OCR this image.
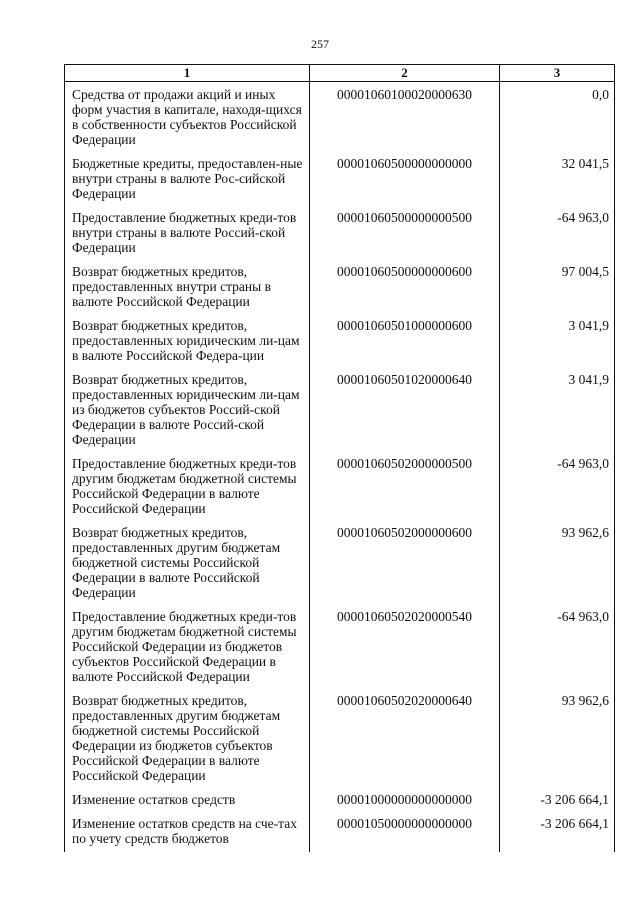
257
1	2	3
Средства от продажи акций и иных форм участия в капитале, находя-щихся в собственности субъектов Российской Федерации	00001060100020000630	0,0
Бюджетные кредиты, предоставлен-ные внутри страны в валюте Рос-сийской Федерации	00001060500000000000	32 041,5
Предоставление бюджетных креди-тов внутри страны в валюте Россий-ской Федерации	00001060500000000500	-64 963,0
Возврат бюджетных кредитов, предоставленных внутри страны в валюте Российской Федерации	00001060500000000600	97 004,5
Возврат бюджетных кредитов, предоставленных юридическим ли-цам в валюте Российской Федера-ции	00001060501000000600	3 041,9
Возврат бюджетных кредитов, предоставленных юридическим ли-цам из бюджетов субъектов Россий-ской Федерации в валюте Россий-ской Федерации	00001060501020000640	3 041,9
Предоставление бюджетных креди-тов другим бюджетам бюджетной системы Российской Федерации в валюте Российской Федерации	00001060502000000500	-64 963,0
Возврат бюджетных кредитов, предоставленных другим бюджетам бюджетной системы Российской Федерации в валюте Российской Федерации	00001060502000000600	93 962,6
Предоставление бюджетных креди-тов другим бюджетам бюджетной системы Российской Федерации из бюджетов субъектов Российской Федерации в валюте Российской Федерации	00001060502020000540	-64 963,0
Возврат бюджетных кредитов, предоставленных другим бюджетам бюджетной системы Российской Федерации из бюджетов субъектов Российской Федерации в валюте Российской Федерации	00001060502020000640	93 962,6
Изменение остатков средств	00001000000000000000	-3 206 664,1
Изменение остатков средств на сче-тах по учету средств бюджетов	00001050000000000000	-3 206 664,1
